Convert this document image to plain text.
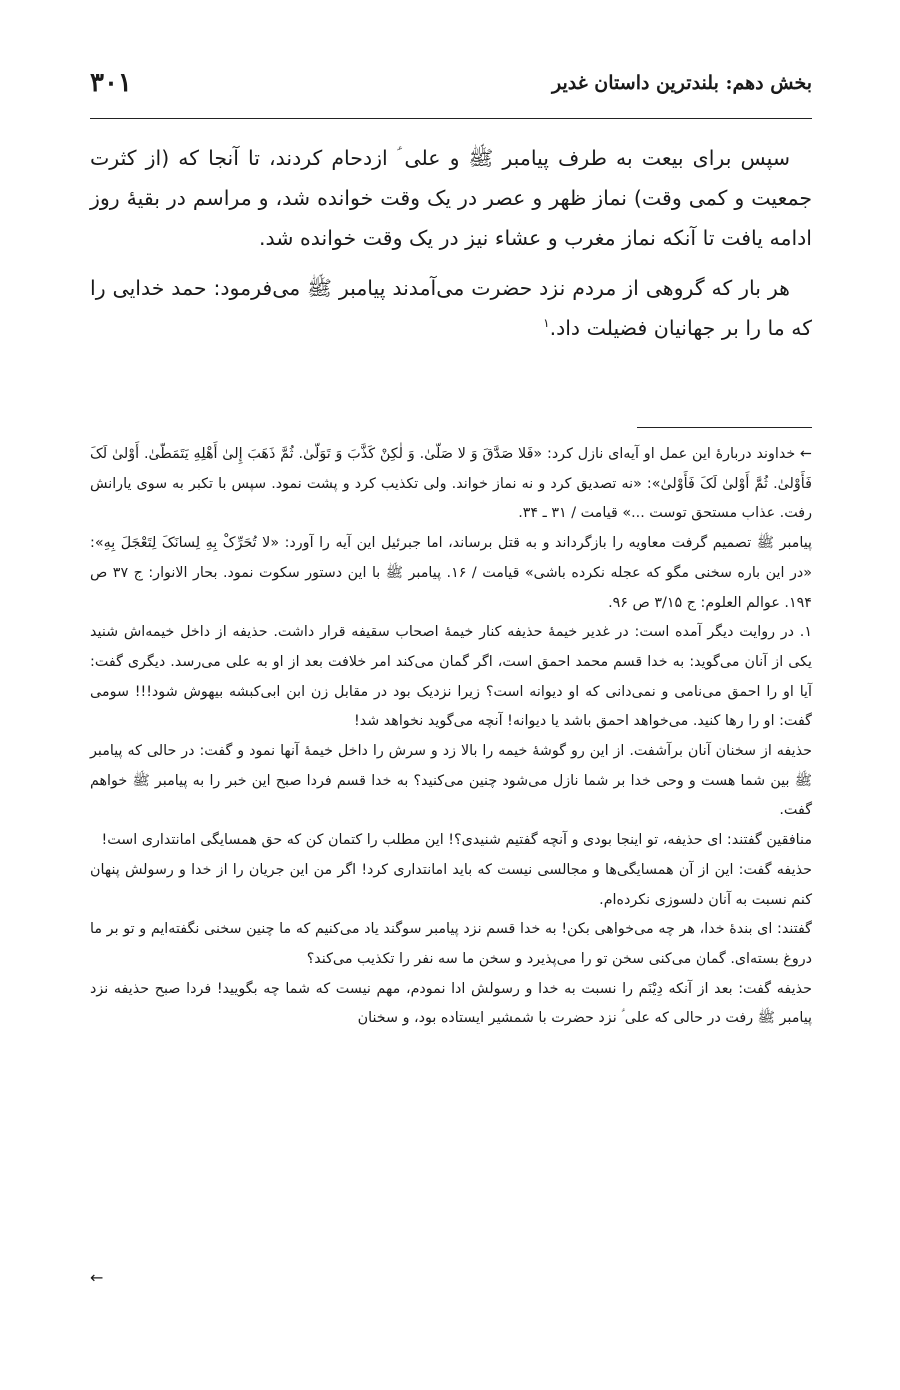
۳۰۱	بخش دهم: بلندترین داستان غدیر

سپس برای بیعت به طرف پیامبر ﷺ و علی ؑ ازدحام کردند، تا آنجا که (از کثرت جمعیت و کمی وقت) نماز ظهر و عصر در یک وقت خوانده شد، و مراسم در بقیهٔ روز ادامه یافت تا آنکه نماز مغرب و عشاء نیز در یک وقت خوانده شد.

هر بار که گروهی از مردم نزد حضرت می‌آمدند پیامبر ﷺ می‌فرمود: حمد خدایی را که ما را بر جهانیان فضیلت داد.$^۱$

← خداوند دربارهٔ این عمل او آیه‌ای نازل کرد: «فَلا صَدَّقَ وَ لا صَلّیٰ. وَ لٰکِنْ کَذَّبَ وَ تَوَلّیٰ. ثُمَّ ذَهَبَ إِلیٰ أَهْلِهِ یَتَمَطّیٰ. أَوْلیٰ لَکَ فَأَوْلیٰ. ثُمَّ أَوْلیٰ لَکَ فَأَوْلیٰ»: «نه تصدیق کرد و نه نماز خواند. ولی تکذیب کرد و پشت نمود. سپس با تکبر به سوی یارانش رفت. عذاب مستحق توست ...» قیامت / ۳۱ ـ ۳۴.

پیامبر ﷺ تصمیم گرفت معاویه را بازگرداند و به قتل برساند، اما جبرئیل این آیه را آورد: «لا تُحَرِّکْ بِهِ لِسانَکَ لِتَعْجَلَ بِهِ»: «در این باره سخنی مگو که عجله نکرده باشی» قیامت / ۱۶. پیامبر ﷺ با این دستور سکوت نمود. بحار الانوار: ج ۳۷ ص ۱۹۴. عوالم العلوم: ج ۳/۱۵ ص ۹۶.

۱. در روایت دیگر آمده است: در غدیر خیمهٔ حذیفه کنار خیمهٔ اصحاب سقیفه قرار داشت. حذیفه از داخل خیمه‌اش شنید یکی از آنان می‌گوید: به خدا قسم محمد احمق است، اگر گمان می‌کند امر خلافت بعد از او به علی می‌رسد. دیگری گفت: آیا او را احمق می‌نامی و نمی‌دانی که او دیوانه است؟ زیرا نزدیک بود در مقابل زن ابن ابی‌کبشه بیهوش شود!!! سومی گفت: او را رها کنید. می‌خواهد احمق باشد یا دیوانه! آنچه می‌گوید نخواهد شد!

حذیفه از سخنان آنان برآشفت. از این رو گوشهٔ خیمه را بالا زد و سرش را داخل خیمهٔ آنها نمود و گفت: در حالی که پیامبر ﷺ بین شما هست و وحی خدا بر شما نازل می‌شود چنین می‌کنید؟ به خدا قسم فردا صبح این خبر را به پیامبر ﷺ خواهم گفت.

منافقین گفتند: ای حذیفه، تو اینجا بودی و آنچه گفتیم شنیدی؟! این مطلب را کتمان کن که حق همسایگی امانتداری است!

حذیفه گفت: این از آن همسایگی‌ها و مجالسی نیست که باید امانتداری کرد! اگر من این جریان را از خدا و رسولش پنهان کنم نسبت به آنان دلسوزی نکرده‌ام.

گفتند: ای بندهٔ خدا، هر چه می‌خواهی بکن! به خدا قسم نزد پیامبر سوگند یاد می‌کنیم که ما چنین سخنی نگفته‌ایم و تو بر ما دروغ بسته‌ای. گمان می‌کنی سخن تو را می‌پذیرد و سخن ما سه نفر را تکذیب می‌کند؟

حذیفه گفت: بعد از آنکه دِیْنَم را نسبت به خدا و رسولش ادا نمودم، مهم نیست که شما چه بگویید! فردا صبح حذیفه نزد پیامبر ﷺ رفت در حالی که علی ؑ نزد حضرت با شمشیر ایستاده بود، و سخنان

←
